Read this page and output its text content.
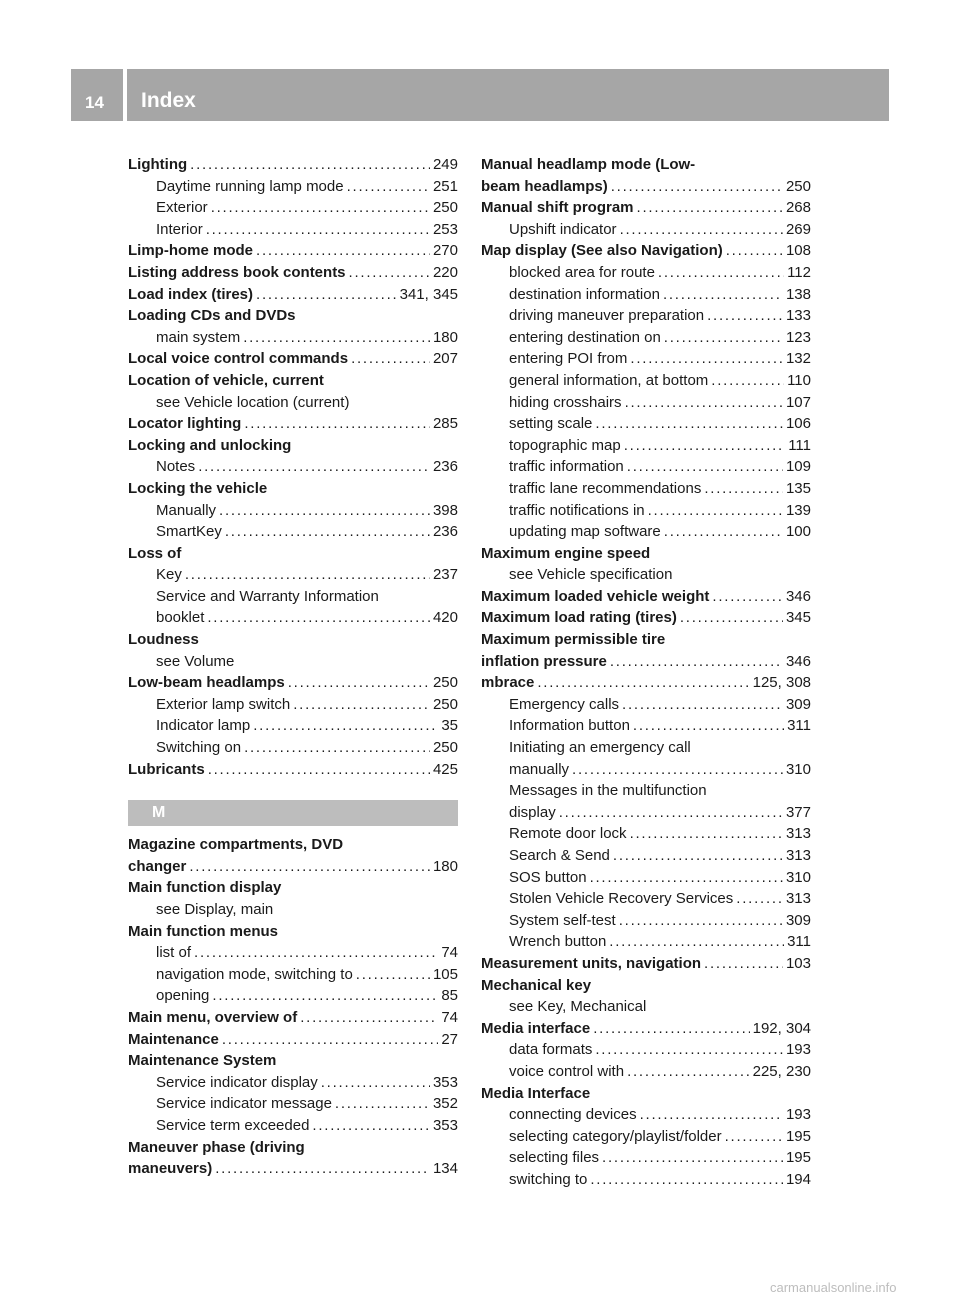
14 Index
Lighting . . .	249
Daytime running lamp mode . . .	251
Exterior . . .	250
Interior . . .	253
Limp-home mode . . .	270
Listing address book contents . . .	220
Load index (tires) . . .	341, 345
Loading CDs and DVDs
main system . . .	180
Local voice control commands . . .	207
Location of vehicle, current
see Vehicle location (current)
Locator lighting . . .	285
Locking and unlocking
Notes . . .	236
Locking the vehicle
Manually . . .	398
SmartKey . . .	236
Loss of
Key . . .	237
Service and Warranty Information
booklet . . .	420
Loudness
see Volume
Low-beam headlamps . . .	250
Exterior lamp switch . . .	250
Indicator lamp . . .	35
Switching on . . .	250
Lubricants . . .	425
M
Magazine compartments, DVD
changer . . .	180
Main function display
see Display, main
Main function menus
list of . . .	74
navigation mode, switching to . . .	105
opening . . .	85
Main menu, overview of . . .	74
Maintenance . . .	27
Maintenance System
Service indicator display . . .	353
Service indicator message . . .	352
Service term exceeded . . .	353
Maneuver phase (driving
maneuvers) . . .	134
Manual headlamp mode (Low-
beam headlamps) . . .	250
Manual shift program . . .	268
Upshift indicator . . .	269
Map display (See also Navigation) . . .	108
blocked area for route . . .	112
destination information . . .	138
driving maneuver preparation . . .	133
entering destination on . . .	123
entering POI from . . .	132
general information, at bottom . . .	110
hiding crosshairs . . .	107
setting scale . . .	106
topographic map . . .	111
traffic information . . .	109
traffic lane recommendations . . .	135
traffic notifications in . . .	139
updating map software . . .	100
Maximum engine speed
see Vehicle specification
Maximum loaded vehicle weight . . .	346
Maximum load rating (tires) . . .	345
Maximum permissible tire
inflation pressure . . .	346
mbrace . . .	125, 308
Emergency calls . . .	309
Information button . . .	311
Initiating an emergency call
manually . . .	310
Messages in the multifunction
display . . .	377
Remote door lock . . .	313
Search & Send . . .	313
SOS button . . .	310
Stolen Vehicle Recovery Services . . .	313
System self-test . . .	309
Wrench button . . .	311
Measurement units, navigation . . .	103
Mechanical key
see Key, Mechanical
Media interface . . .	192, 304
data formats . . .	193
voice control with . . .	225, 230
Media Interface
connecting devices . . .	193
selecting category/playlist/folder . . .	195
selecting files . . .	195
switching to . . .	194
carmanualsonline.info
